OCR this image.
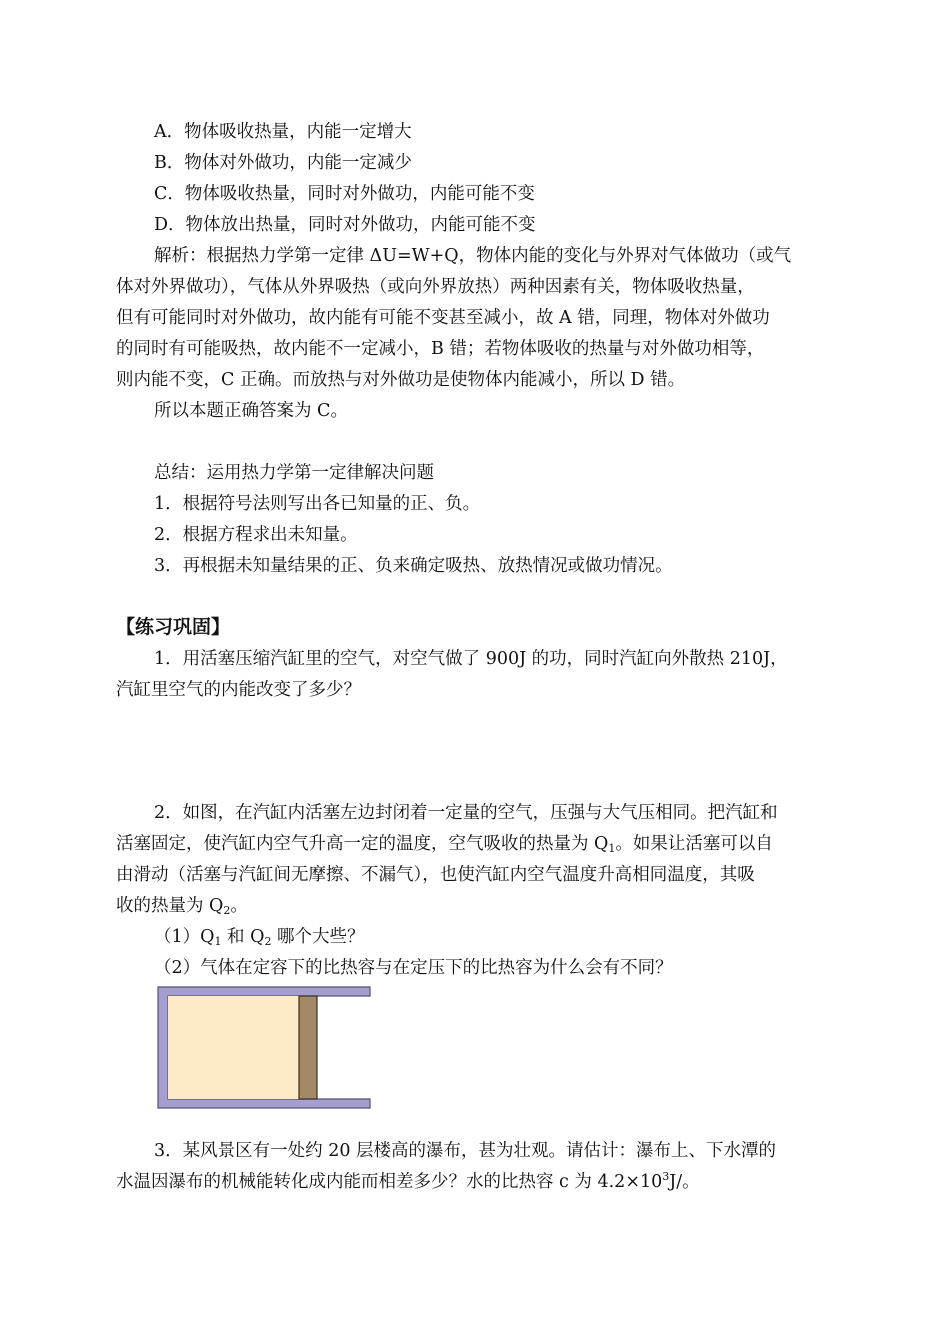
A．物体吸收热量，内能一定增大
B．物体对外做功，内能一定减少
C．物体吸收热量，同时对外做功，内能可能不变
D．物体放出热量，同时对外做功，内能可能不变
解析：根据热力学第一定律 ΔU=W+Q，物体内能的变化与外界对气体做功（或气
体对外界做功），气体从外界吸热（或向外界放热）两种因素有关，物体吸收热量，
但有可能同时对外做功，故内能有可能不变甚至减小，故 A 错，同理，物体对外做功
的同时有可能吸热，故内能不一定减小，B 错；若物体吸收的热量与对外做功相等，
则内能不变，C 正确。而放热与对外做功是使物体内能减小，所以 D 错。
所以本题正确答案为 C。
总结：运用热力学第一定律解决问题
1．根据符号法则写出各已知量的正、负。
2．根据方程求出未知量。
3．再根据未知量结果的正、负来确定吸热、放热情况或做功情况。
【练习巩固】
1．用活塞压缩汽缸里的空气，对空气做了 900J 的功，同时汽缸向外散热 210J，
汽缸里空气的内能改变了多少？
2．如图，在汽缸内活塞左边封闭着一定量的空气，压强与大气压相同。把汽缸和
活塞固定，使汽缸内空气升高一定的温度，空气吸收的热量为 $Q_1$。如果让活塞可以自
由滑动（活塞与汽缸间无摩擦、不漏气），也使汽缸内空气温度升高相同温度，其吸
收的热量为 $Q_2$。
$(1)Q_1$ 和 $Q_2$ 哪个大些？
（2）气体在定容下的比热容与在定压下的比热容为什么会有不同？
3．某风景区有一处约 20 层楼高的瀑布，甚为壮观。请估计：瀑布上、下水潭的
水温因瀑布的机械能转化成内能而相差多少？水的比热容 c 为 $4.2\times 10^3J/$。
